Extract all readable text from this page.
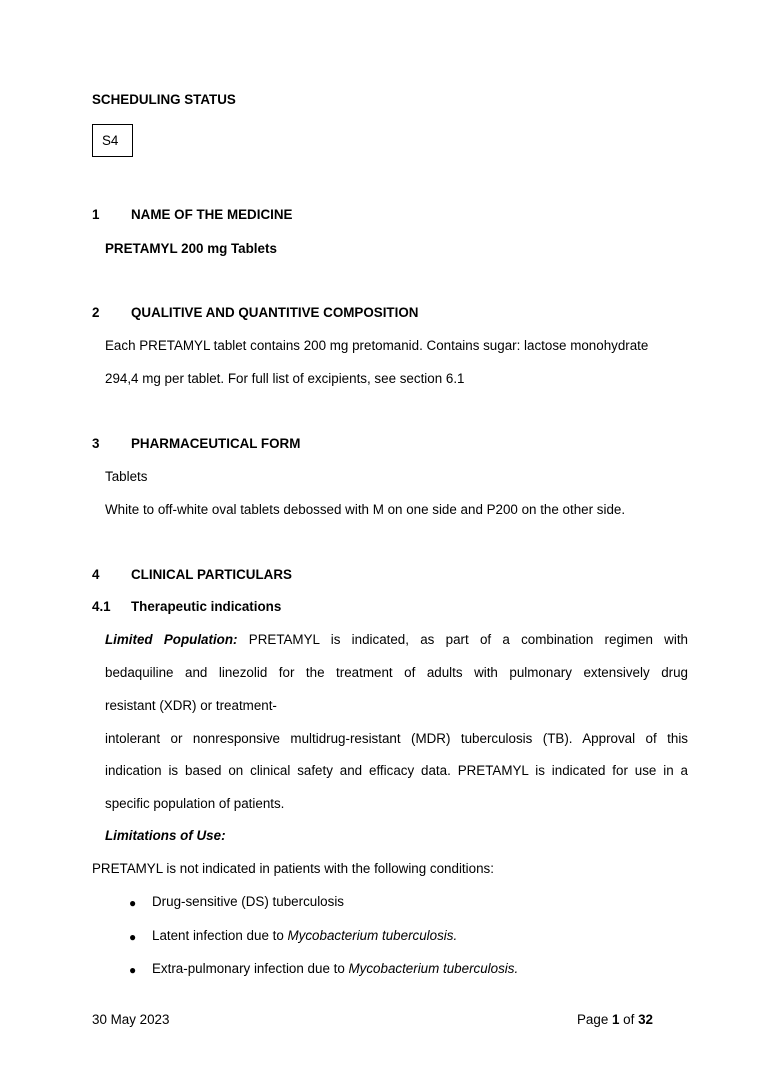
SCHEDULING STATUS
S4
1 NAME OF THE MEDICINE
PRETAMYL 200 mg Tablets
2 QUALITIVE AND QUANTITIVE COMPOSITION
Each PRETAMYL tablet contains 200 mg pretomanid. Contains sugar: lactose monohydrate
294,4 mg per tablet. For full list of excipients, see section 6.1
3 PHARMACEUTICAL FORM
Tablets
White to off-white oval tablets debossed with M on one side and P200 on the other side.
4 CLINICAL PARTICULARS
4.1 Therapeutic indications
Limited Population: PRETAMYL is indicated, as part of a combination regimen with
bedaquiline and linezolid for the treatment of adults with pulmonary extensively drug
resistant (XDR) or treatment-
intolerant or nonresponsive multidrug-resistant (MDR) tuberculosis (TB). Approval of this
indication is based on clinical safety and efficacy data. PRETAMYL is indicated for use in a
specific population of patients.
Limitations of Use:
PRETAMYL is not indicated in patients with the following conditions:
● Drug-sensitive (DS) tuberculosis
● Latent infection due to Mycobacterium tuberculosis.
● Extra-pulmonary infection due to Mycobacterium tuberculosis.
30 May 2023	Page 1 of 32
